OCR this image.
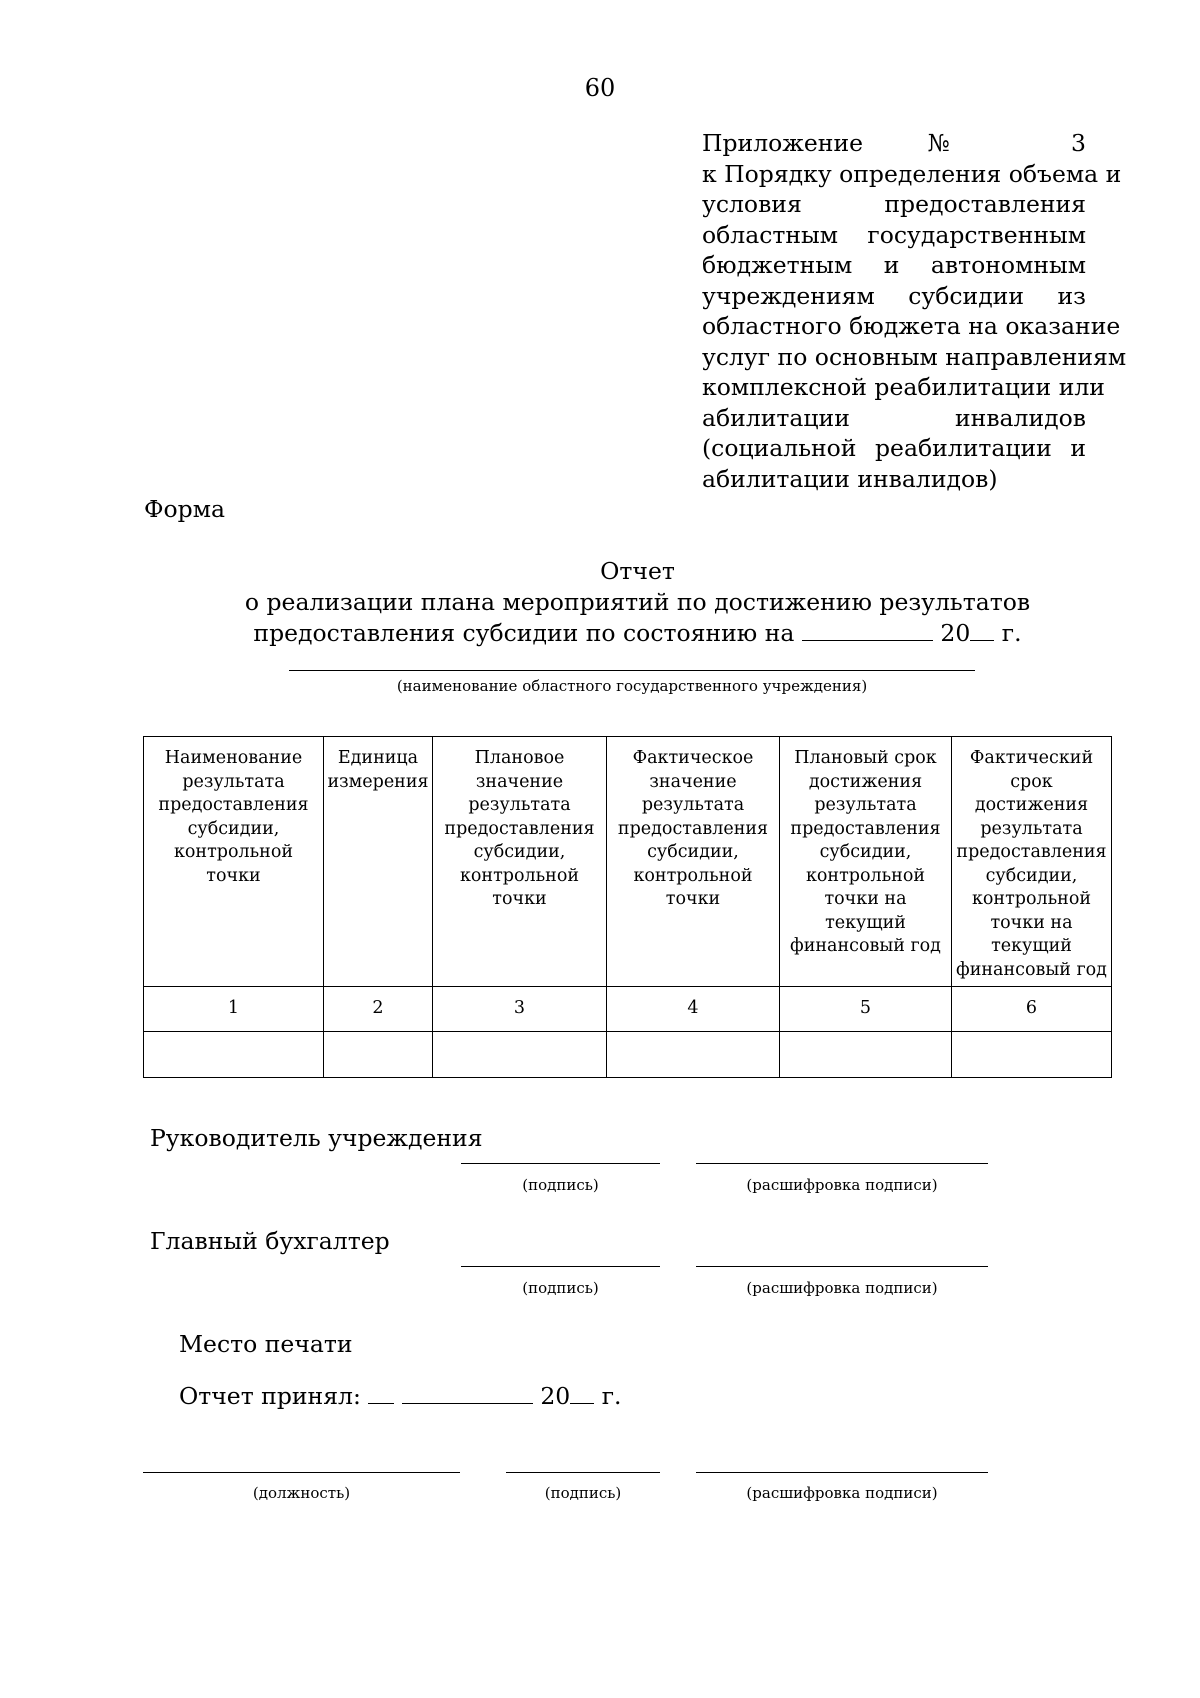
60
Приложение № 3
к Порядку определения объема и
условия предоставления
областным государственным
бюджетным и автономным
учреждениям субсидии из
областного бюджета на оказание
услуг по основным направлениям
комплексной реабилитации или
абилитации инвалидов
(социальной реабилитации и
абилитации инвалидов)
Форма
Отчет
о реализации плана мероприятий по достижению результатов
предоставления субсидии по состоянию на	20 г.
(наименование областного государственного учреждения)
Наименование результата предоставления субсидии, контрольной точки	Единица измерения	Плановое значение результата предоставления субсидии, контрольной точки	Фактическое значение результата предоставления субсидии, контрольной точки	Плановый срок достижения результата предоставления субсидии, контрольной точки на текущий финансовый год	Фактический срок достижения результата предоставления субсидии, контрольной точки на текущий финансовый год
1	2	3	4	5	6

Руководитель учреждения
(подпись)	(расшифровка подписи)
Главный бухгалтер
(подпись)	(расшифровка подписи)
Место печати
Отчет принял:	20 г.
(должность)	(подпись)	(расшифровка подписи)
